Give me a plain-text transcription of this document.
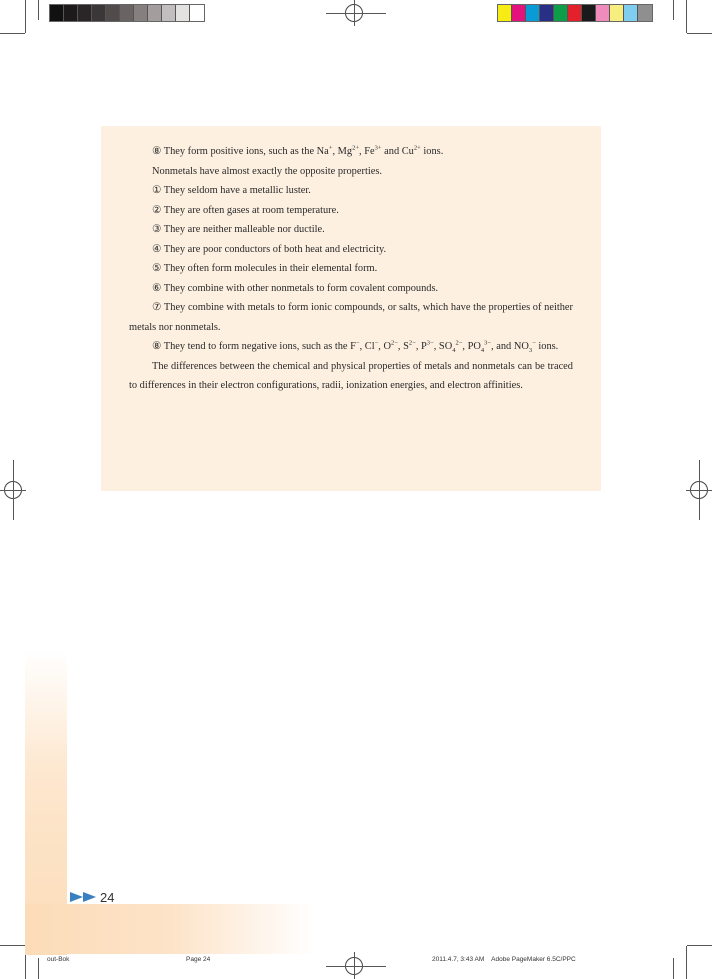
⑧ They form positive ions, such as the Na+, $Mg^{2+}$, $Fe^{3+}$ and $Cu^{2+}$ ions.

Nonmetals have almost exactly the opposite properties.

① They seldom have a metallic luster.

② They are often gases at room temperature.

③ They are neither malleable nor ductile.

④ They are poor conductors of both heat and electricity.

⑤ They often form molecules in their elemental form.

⑥ They combine with other nonmetals to form covalent compounds.

⑦ They combine with metals to form ionic compounds, or salts, which have the properties of neither metals nor nonmetals.

⑧ They tend to form negative ions, such as the F−, Cl−, $O^{2-}$, $S^{2-}$, $P^{3-}$, $SO_4^{2-}$, $PO_4^{3-}$, and $NO_3^-$ ions.

The differences between the chemical and physical properties of metals and nonmetals can be traced to differences in their electron configurations, radii, ionization energies, and electron affinities.

24
out-Bok	Page 24	2011.4.7, 3:43 AM    Adobe PageMaker 6.5C/PPC
